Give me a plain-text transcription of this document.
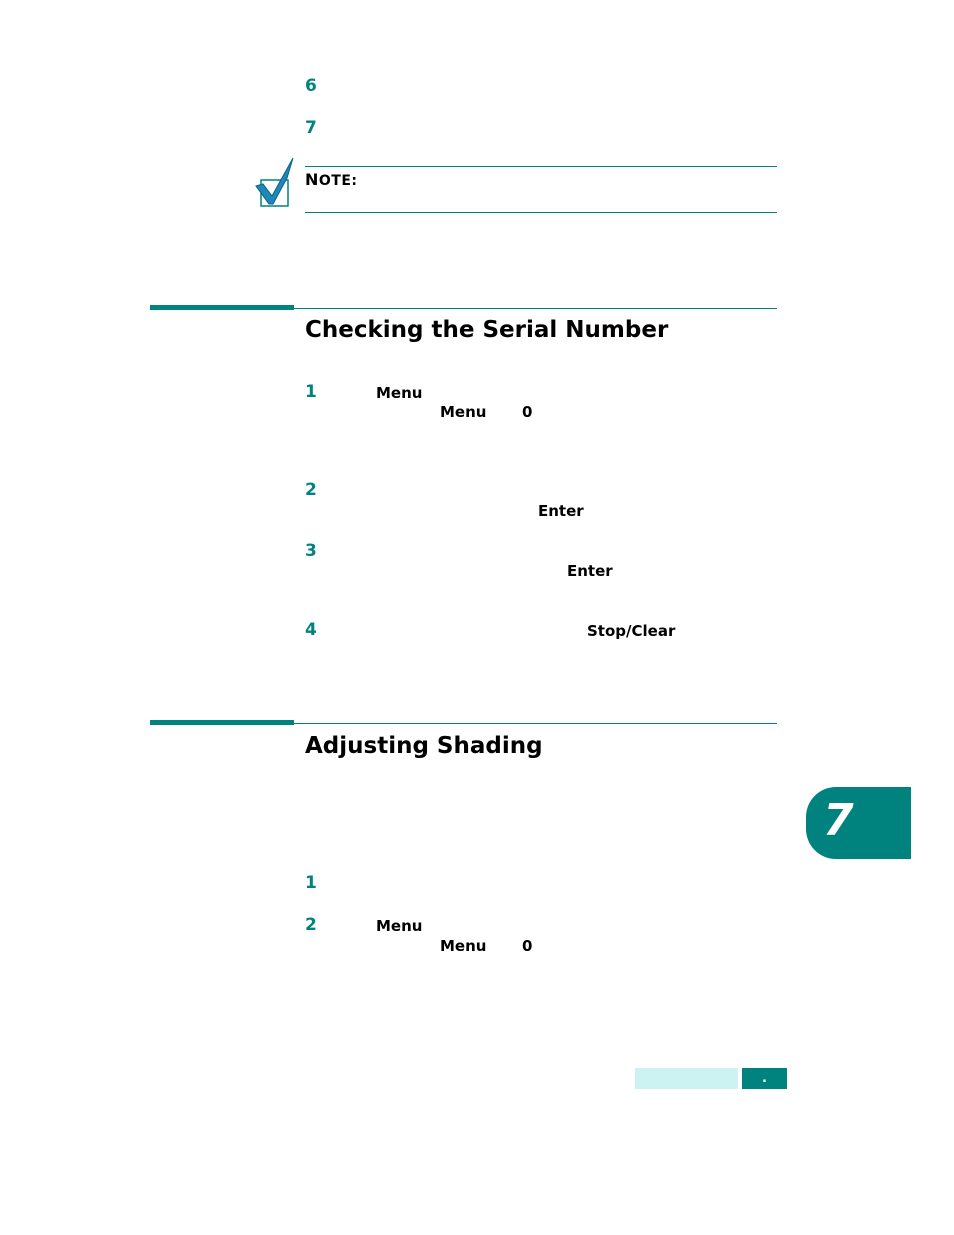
6
7
NOTE:
Checking the Serial Number
1	Menu
Menu 0
2
Enter
3
Enter
4	Stop/Clear
Adjusting Shading
1
2	Menu
Menu 0
7
.
